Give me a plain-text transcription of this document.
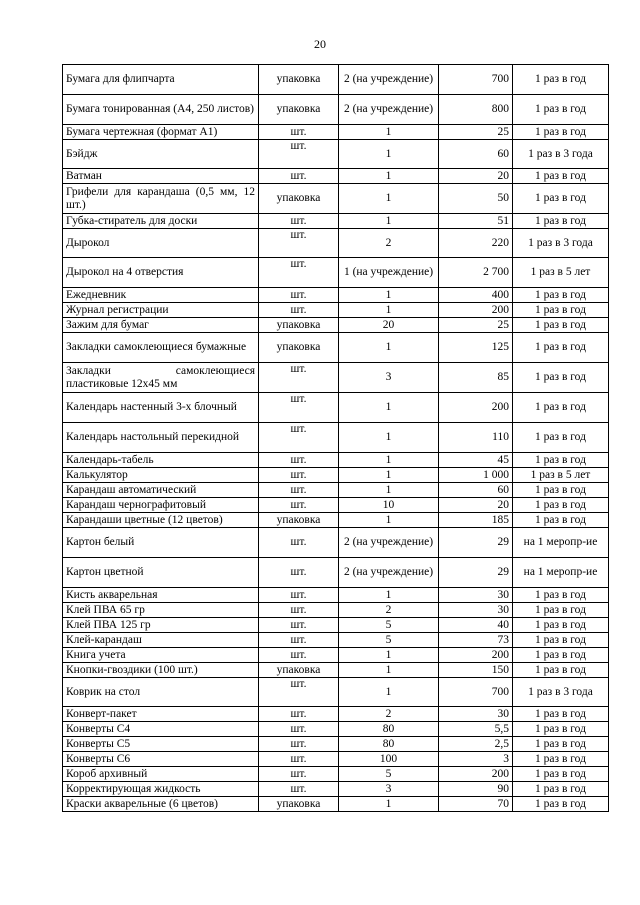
20
Бумага для флипчарта	упаковка	2 (на учреждение)	700	1 раз в год
Бумага тонированная (А4, 250 листов)	упаковка	2 (на учреждение)	800	1 раз в год
Бумага чертежная (формат А1)	шт.	1	25	1 раз в год
Бэйдж	шт.	1	60	1 раз в 3 года
Ватман	шт.	1	20	1 раз в год
Грифели для карандаша (0,5 мм, 12 шт.)	упаковка	1	50	1 раз в год
Губка-стиратель для доски	шт.	1	51	1 раз в год
Дырокол	шт.	2	220	1 раз в 3 года
Дырокол на 4 отверстия	шт.	1 (на учреждение)	2 700	1 раз в 5 лет
Ежедневник	шт.	1	400	1 раз в год
Журнал регистрации	шт.	1	200	1 раз в год
Зажим для бумаг	упаковка	20	25	1 раз в год
Закладки самоклеющиеся бумажные	упаковка	1	125	1 раз в год
Закладки самоклеющиеся пластиковые 12х45 мм	шт.	3	85	1 раз в год
Календарь настенный 3-х блочный	шт.	1	200	1 раз в год
Календарь настольный перекидной	шт.	1	110	1 раз в год
Календарь-табель	шт.	1	45	1 раз в год
Калькулятор	шт.	1	1 000	1 раз в 5 лет
Карандаш автоматический	шт.	1	60	1 раз в год
Карандаш чернографитовый	шт.	10	20	1 раз в год
Карандаши цветные (12 цветов)	упаковка	1	185	1 раз в год
Картон белый	шт.	2 (на учреждение)	29	на 1 меропр-ие
Картон цветной	шт.	2 (на учреждение)	29	на 1 меропр-ие
Кисть акварельная	шт.	1	30	1 раз в год
Клей ПВА 65 гр	шт.	2	30	1 раз в год
Клей ПВА 125 гр	шт.	5	40	1 раз в год
Клей-карандаш	шт.	5	73	1 раз в год
Книга учета	шт.	1	200	1 раз в год
Кнопки-гвоздики (100 шт.)	упаковка	1	150	1 раз в год
Коврик на стол	шт.	1	700	1 раз в 3 года
Конверт-пакет	шт.	2	30	1 раз в год
Конверты С4	шт.	80	5,5	1 раз в год
Конверты С5	шт.	80	2,5	1 раз в год
Конверты С6	шт.	100	3	1 раз в год
Короб архивный	шт.	5	200	1 раз в год
Корректирующая жидкость	шт.	3	90	1 раз в год
Краски акварельные (6 цветов)	упаковка	1	70	1 раз в год
